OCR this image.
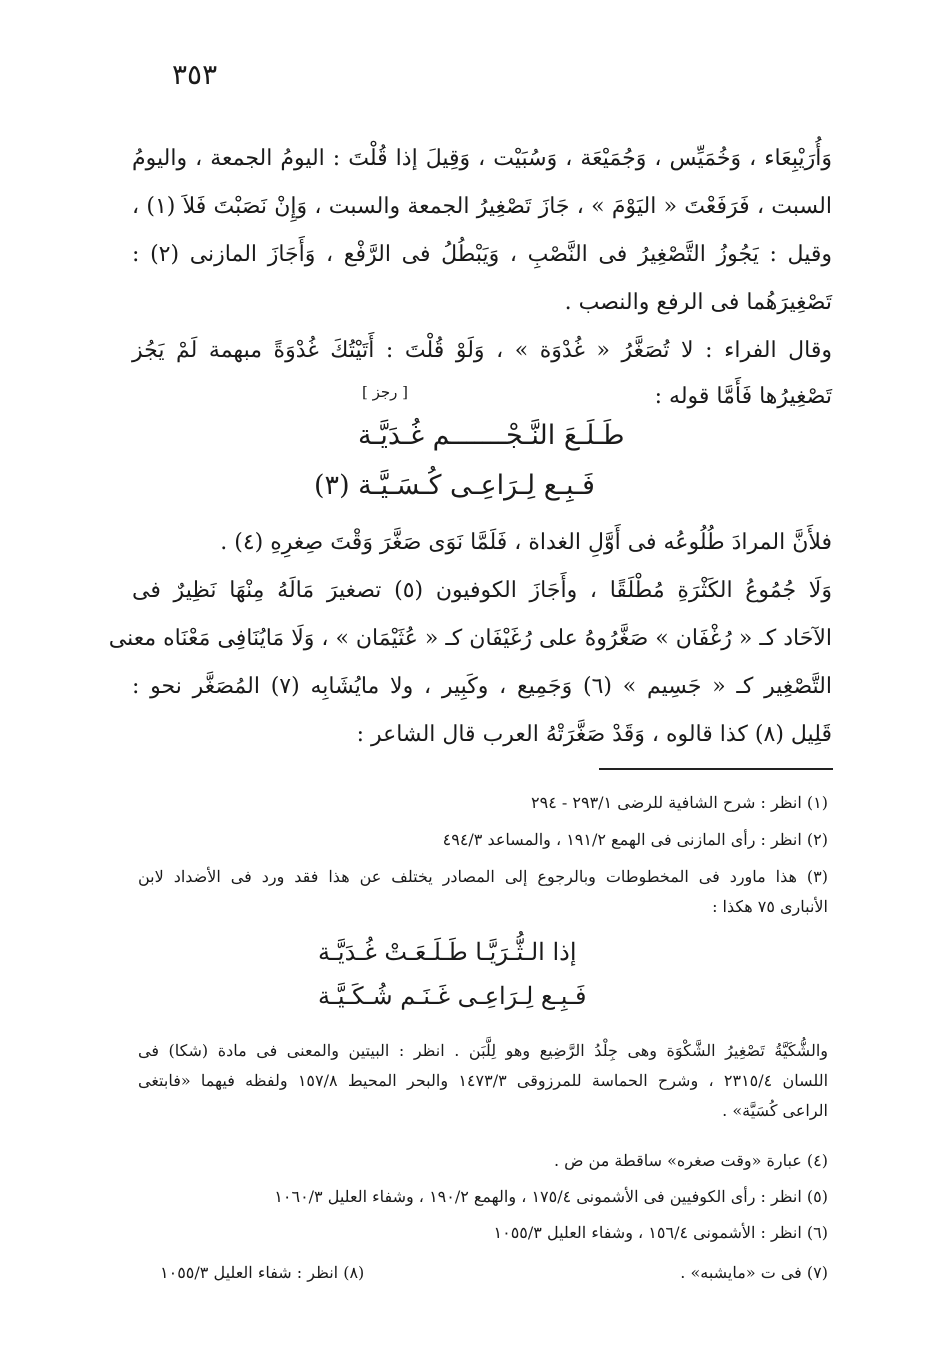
٣٥٣
وَأُرَيْبِعَاء ، وَخُمَيِّس ، وَجُمَيْعَة ، وَسُبَيْت ، وَقِيلَ إذا قُلْتَ : اليومُ الجمعة ، واليومُ
السبت ، فَرَفَعْتَ « اليَوْمَ » ، جَازَ تَصْغِيرُ الجمعة والسبت ، وَإِنْ نَصَبْتَ فَلاَ (١) ،
وقيل : يَجُوزُ التَّصْغِيرُ فى النَّصْبِ ، وَيَبْطُلُ فى الرَّفْع ، وَأَجَازَ المازنى (٢) :
تَصْغِيرَهُما فى الرفع والنصب .
وقال الفراء : لا تُصَغَّرُ « غُدْوَة » ، وَلَوْ قُلْتَ : أَتَيْتُكَ غُدْوَةً مبهمة لَمْ يَجُز
تَصْغِيرُها فَأَمَّا قوله :
[ رجز ]
طَـلَـعَ النَّـجْـــــــم غُـدَيَّـة
فَـبِـع لِـرَاعِـى كُـسَـيَّـة (٣)
فلأَنَّ المرادَ طُلُوعُه فى أَوَّلِ الغداة ، فَلَمَّا نَوَى صَغَّرَ وَقْتَ صِغرِهِ (٤) .
وَلَا جُمُوعُ الكَثْرَةِ مُطْلَقًا ، وأَجَازَ الكوفيون (٥) تصغيرَ مَالَهُ مِنْهَا نَظِيرٌ فى
الآحَاد كـ « رُغْفَان » صَغَّرُوهُ على رُغَيْفَان كـ « عُثَيْمَان » ، وَلَا مَايُنَافِى مَعْنَاه معنى
التَّصْغِير كـ « جَسِيم » (٦) وَجَمِيع ، وكَبِير ، ولا مايُشَابِه (٧) المُصَغَّر نحو :
قَلِيل (٨) كذا قالوه ، وَقَدْ صَغَّرَتْهُ العرب قال الشاعر :
(١) انظر : شرح الشافية للرضى ٢٩٣/١ - ٢٩٤
(٢) انظر : رأى المازنى فى الهمع ١٩١/٢ ، والمساعد ٤٩٤/٣
(٣) هذا ماورد فى المخطوطات وبالرجوع إلى المصادر يختلف عن هذا فقد ورد فى الأضداد لابن
الأنبارى ٧٥ هكذا :
إذا الـثُّـرَيَّـا طَـلَـعَـتْ غُـدَيَّـة
فَـبِـع لِـرَاعِـى غَـنَـم شُـكَـيَّـة
والشُّكَيَّةُ تَصْغِيرُ الشَّكْوَة وهى جِلْدُ الرَّضِيع وهو لِلَّبَن . انظر : البيتين والمعنى فى مادة (شكا) فى
اللسان ٢٣١٥/٤ ، وشرح الحماسة للمرزوقى ١٤٧٣/٣ والبحر المحيط ١٥٧/٨ ولفظه فيهما «فابتغى
الراعى كُسَيَّة» .
(٤) عبارة «وقت صغره» ساقطة من ض .
(٥) انظر : رأى الكوفيين فى الأشمونى ١٧٥/٤ ، والهمع ١٩٠/٢ ، وشفاء العليل ١٠٦٠/٣
(٦) انظر : الأشمونى ١٥٦/٤ ، وشفاء العليل ١٠٥٥/٣
(٧) فى ت «مايشبه» .
(٨) انظر : شفاء العليل ١٠٥٥/٣
